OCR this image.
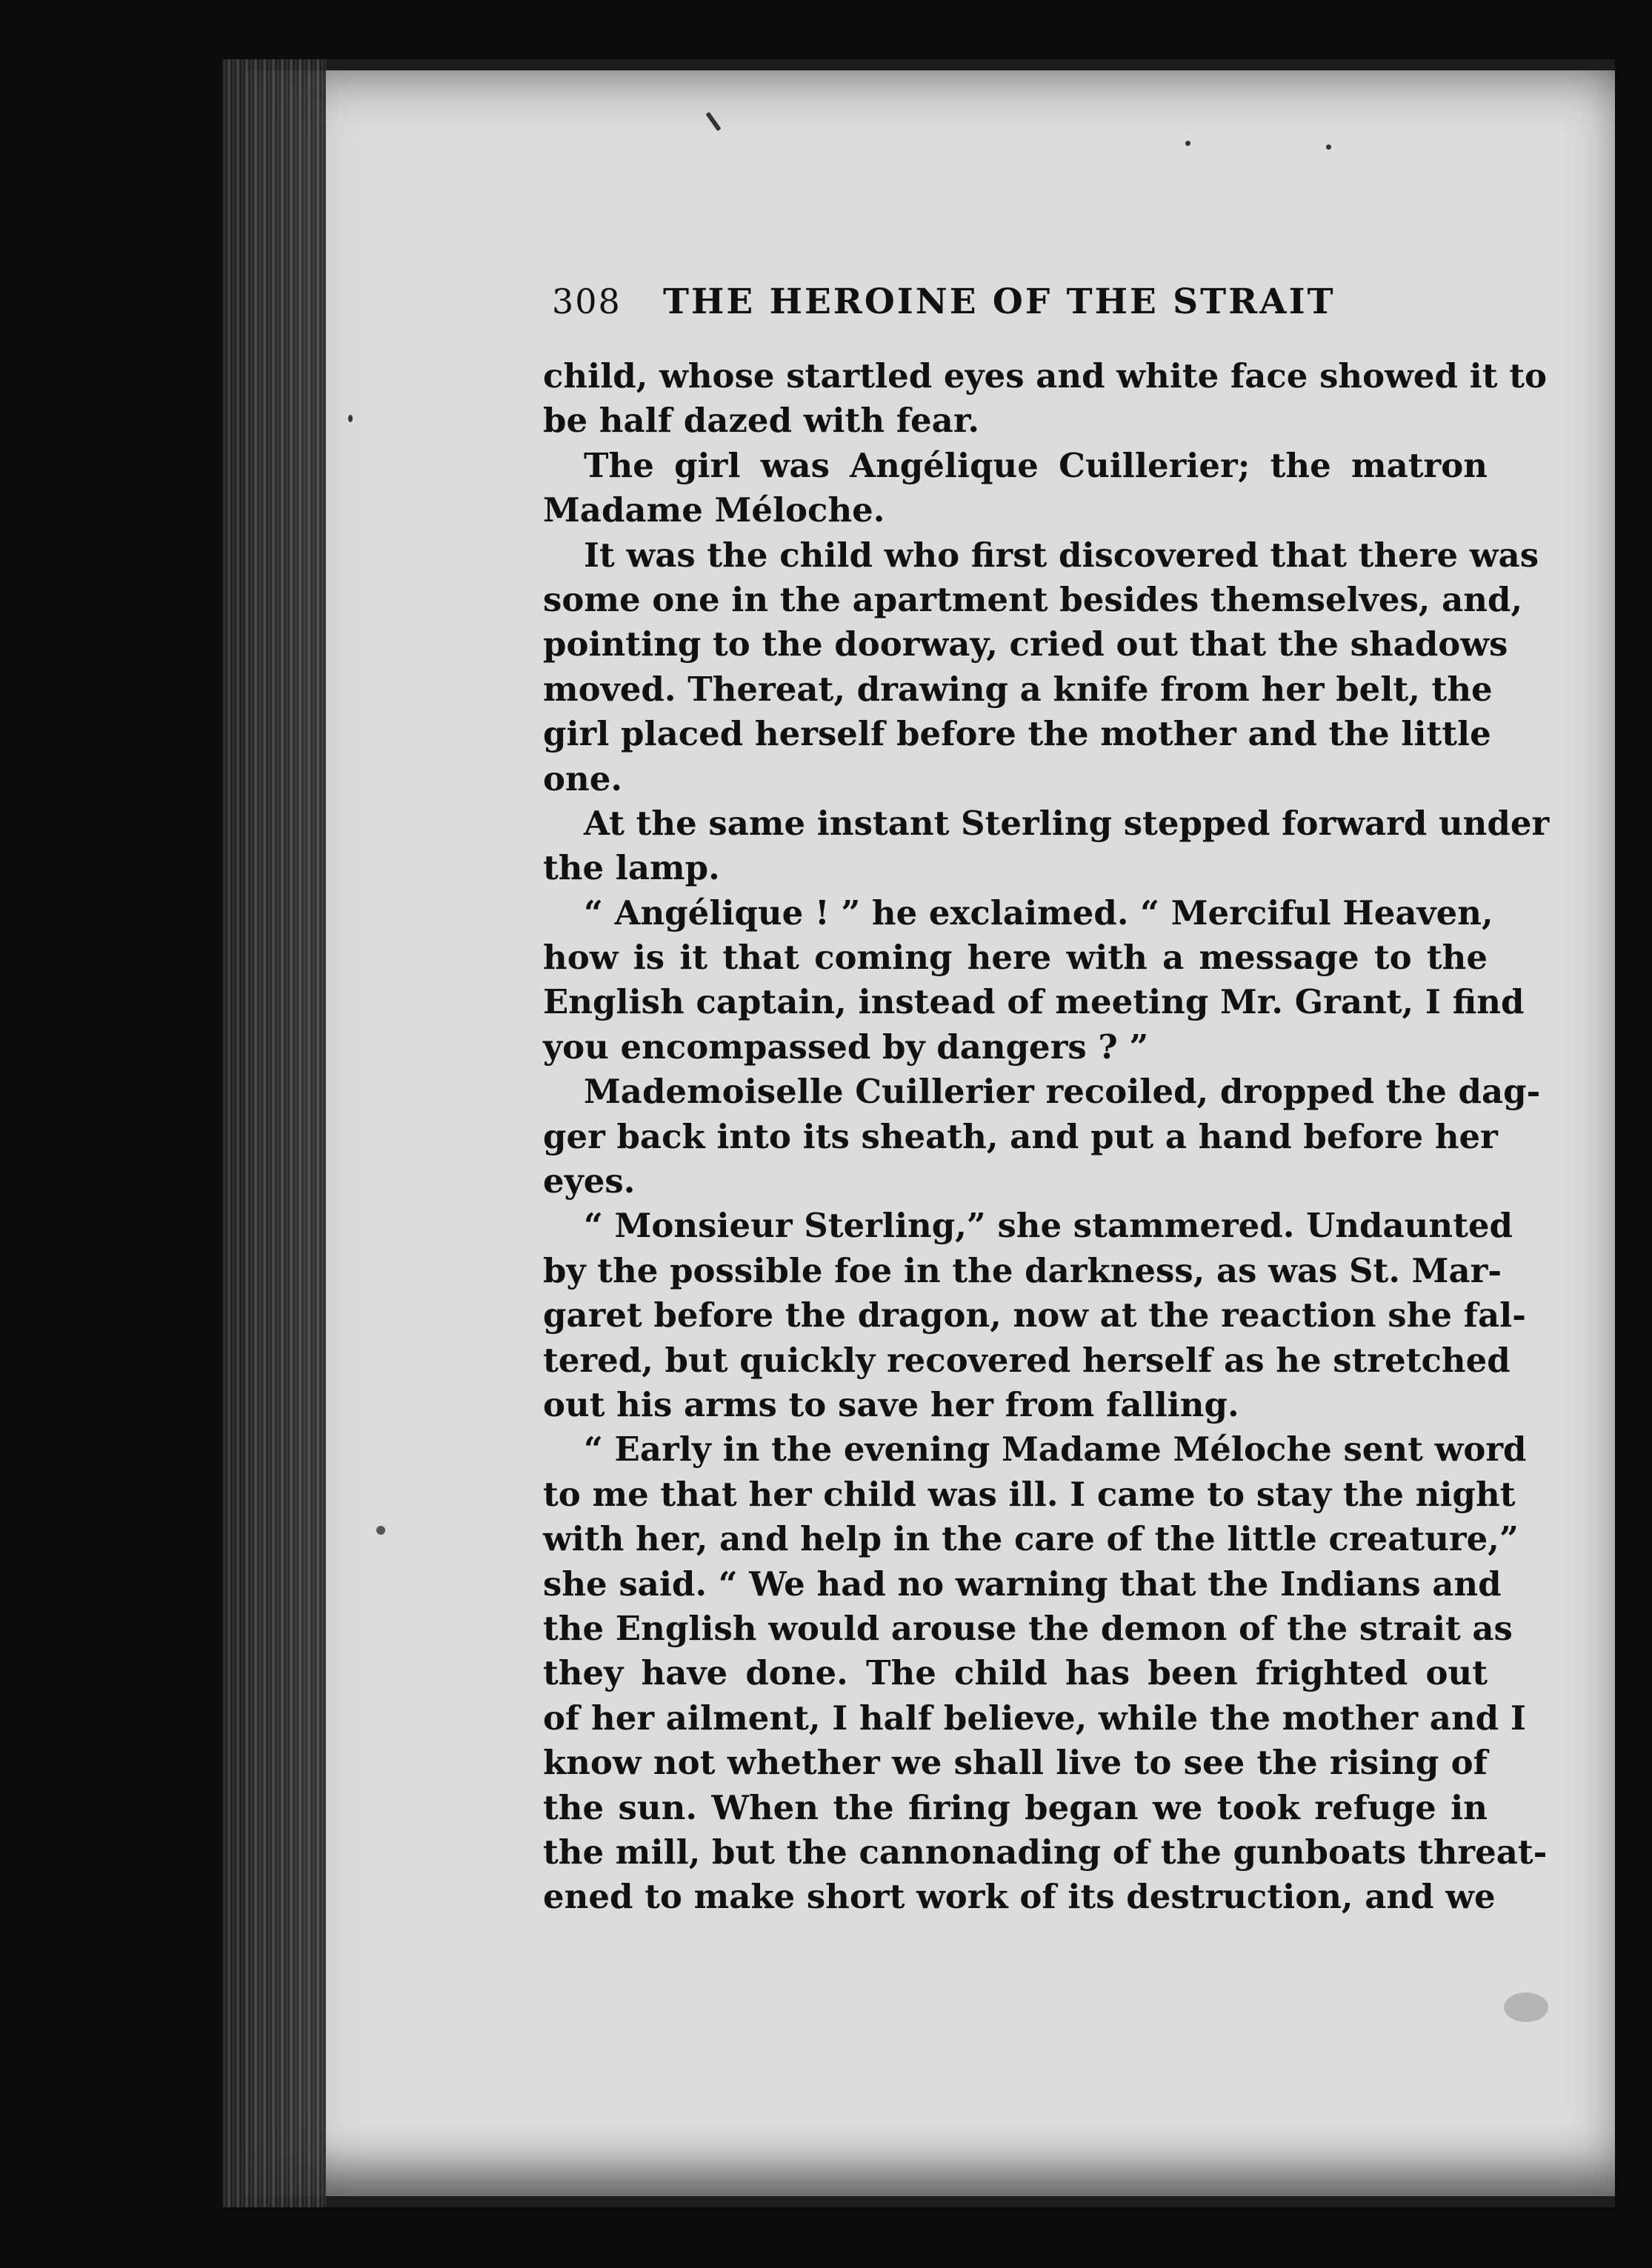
308 THE HEROINE OF THE STRAIT
child, whose startled eyes and white face showed it to
be half dazed with fear.
The girl was Angélique Cuillerier; the matron
Madame Méloche.
It was the child who first discovered that there was
some one in the apartment besides themselves, and,
pointing to the doorway, cried out that the shadows
moved. Thereat, drawing a knife from her belt, the
girl placed herself before the mother and the little
one.
At the same instant Sterling stepped forward under
the lamp.
“ Angélique ! ” he exclaimed. “ Merciful Heaven,
how is it that coming here with a message to the
English captain, instead of meeting Mr. Grant, I find
you encompassed by dangers ? ”
Mademoiselle Cuillerier recoiled, dropped the dag-
ger back into its sheath, and put a hand before her
eyes.
“ Monsieur Sterling,” she stammered. Undaunted
by the possible foe in the darkness, as was St. Mar-
garet before the dragon, now at the reaction she fal-
tered, but quickly recovered herself as he stretched
out his arms to save her from falling.
“ Early in the evening Madame Méloche sent word
to me that her child was ill. I came to stay the night
with her, and help in the care of the little creature,”
she said. “ We had no warning that the Indians and
the English would arouse the demon of the strait as
they have done. The child has been frighted out
of her ailment, I half believe, while the mother and I
know not whether we shall live to see the rising of
the sun. When the firing began we took refuge in
the mill, but the cannonading of the gunboats threat-
ened to make short work of its destruction, and we
